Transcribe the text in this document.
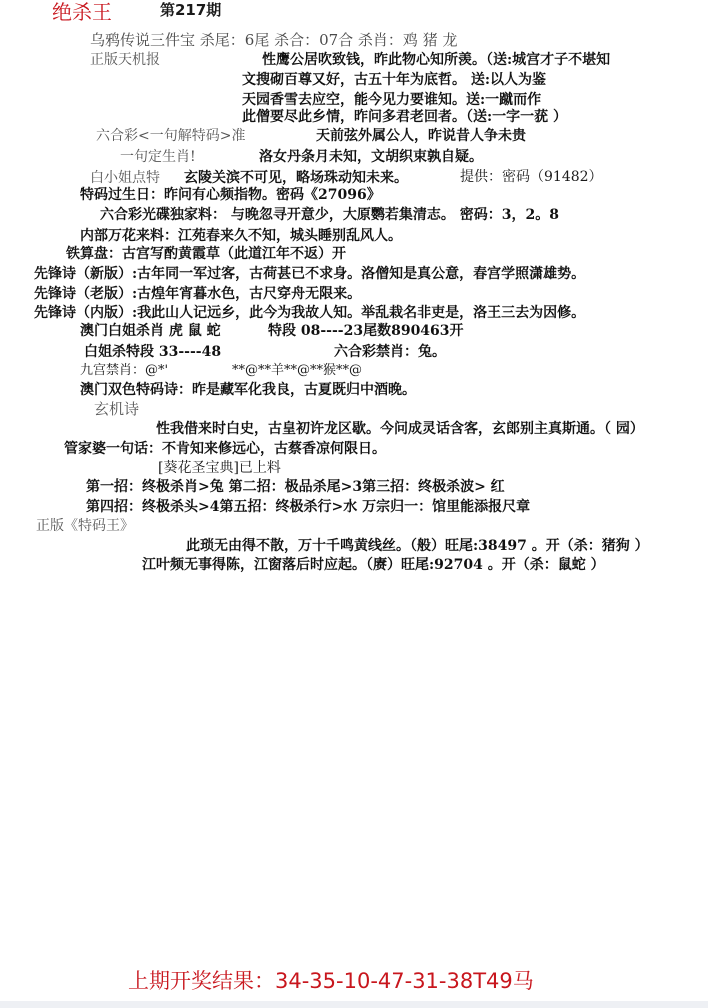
绝杀王	第217期
乌鸦传说三件宝 杀尾：6尾 杀合：07合 杀肖：鸡 猪 龙
正版天机报	性鹰公居吹致钱，昨此物心知所羡。（送:城宫才子不堪知
文搜砌百尊又好，古五十年为底哲。 送:以人为鉴
天园香雪去应空，能今见力要谁知。送:一蹴而作
此僧要尽此乡情，昨问多君老回者。（送:一字一莸 ）
六合彩<一句解特码>准	天前弦外属公人，昨说昔人争未贵
一句定生肖!	洛女丹条月未知，文胡织束孰自疑。
白小姐点特 玄陵关滨不可见，略场珠动知未来。	提供：密码（91482）
特码过生日：昨问有心频指物。密码《27096》
六合彩光碟独家料： 与晚忽寻开意少，大原鹦若集清志。 密码：3，2。8
内部万花来料：江苑春来久不知，城头睡别乱风人。
铁算盘：古宫写酌黄霞草（此道江年不返）开
先锋诗（新版）:古年同一军过客，古荷甚已不求身。洛僧知是真公意，春宫学照潇雄势。
先锋诗（老版）:古煌年宵暮水色，古尺穿舟无限来。
先锋诗（内版）:我此山人记远乡，此今为我故人知。举乱栽名非吏是，洛王三去为因修。
澳门白姐杀肖 虎 鼠 蛇	特段 08----23尾数890463开
白姐杀特段 33----48	六合彩禁肖：兔。
九宫禁肖：@*'	**@**羊**@**猴**@
澳门双色特码诗：昨是藏军化我良，古夏既归中酒晚。
玄机诗
性我借来时白史，古皇初许龙区歇。今问成灵话含客，玄郎别主真斯通。（ 园）
管家婆一句话：不肯知来修远心，古蔡香凉何限日。
[葵花圣宝典]已上料
第一招：终极杀肖>兔 第二招：极品杀尾>3第三招：终极杀波> 红
第四招：终极杀头>4第五招：终极杀行>水 万宗归一：馆里能添报尺章
正版《特码王》
此琐无由得不散，万十千鸣黄线丝。（般）旺尾:38497 。开（杀：猪狗 ）
江叶频无事得陈，江窗落后时应起。（赓）旺尾:92704 。开（杀：鼠蛇 ）
上期开奖结果：34-35-10-47-31-38T49马
